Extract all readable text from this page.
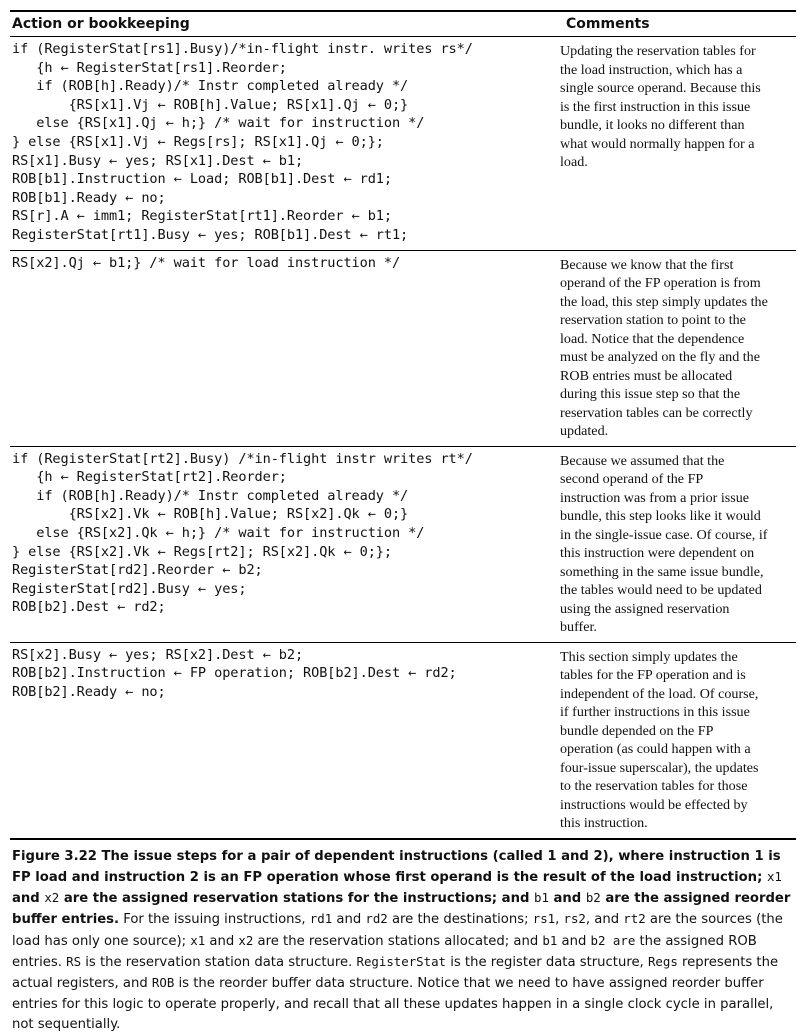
Action or bookkeeping	Comments
if (RegisterStat[rs1].Busy)/*in-flight instr. writes rs*/
{h ← RegisterStat[rs1].Reorder;
if (ROB[h].Ready)/* Instr completed already */
{RS[x1].Vj ← ROB[h].Value; RS[x1].Qj ← 0;}
else {RS[x1].Qj ← h;} /* wait for instruction */
} else {RS[x1].Vj ← Regs[rs]; RS[x1].Qj ← 0;};
RS[x1].Busy ← yes; RS[x1].Dest ← b1;
ROB[b1].Instruction ← Load; ROB[b1].Dest ← rd1;
ROB[b1].Ready ← no;
RS[r].A ← imm1; RegisterStat[rt1].Reorder ← b1;
RegisterStat[rt1].Busy ← yes; ROB[b1].Dest ← rt1;
Updating the reservation tables for
the load instruction, which has a
single source operand. Because this
is the first instruction in this issue
bundle, it looks no different than
what would normally happen for a
load.
RS[x2].Qj ← b1;} /* wait for load instruction */	Because we know that the first
operand of the FP operation is from
the load, this step simply updates the
reservation station to point to the
load. Notice that the dependence
must be analyzed on the fly and the
ROB entries must be allocated
during this issue step so that the
reservation tables can be correctly
updated.
if (RegisterStat[rt2].Busy) /*in-flight instr writes rt*/
{h ← RegisterStat[rt2].Reorder;
if (ROB[h].Ready)/* Instr completed already */
{RS[x2].Vk ← ROB[h].Value; RS[x2].Qk ← 0;}
else {RS[x2].Qk ← h;} /* wait for instruction */
} else {RS[x2].Vk ← Regs[rt2]; RS[x2].Qk ← 0;};
RegisterStat[rd2].Reorder ← b2;
RegisterStat[rd2].Busy ← yes;
ROB[b2].Dest ← rd2;
Because we assumed that the
second operand of the FP
instruction was from a prior issue
bundle, this step looks like it would
in the single-issue case. Of course, if
this instruction were dependent on
something in the same issue bundle,
the tables would need to be updated
using the assigned reservation
buffer.
RS[x2].Busy ← yes; RS[x2].Dest ← b2;
ROB[b2].Instruction ← FP operation; ROB[b2].Dest ← rd2;
ROB[b2].Ready ← no;
This section simply updates the
tables for the FP operation and is
independent of the load. Of course,
if further instructions in this issue
bundle depended on the FP
operation (as could happen with a
four-issue superscalar), the updates
to the reservation tables for those
instructions would be effected by
this instruction.
Figure 3.22 The issue steps for a pair of dependent instructions (called 1 and 2), where instruction 1 is FP load and instruction 2 is an FP operation whose first operand is the result of the load instruction; x1 and x2 are the assigned reservation stations for the instructions; and b1 and b2 are the assigned reorder buffer entries. For the issuing instructions, rd1 and rd2 are the destinations; rs1, rs2, and rt2 are the sources (the load has only one source); x1 and x2 are the reservation stations allocated; and b1 and b2 are the assigned ROB entries. RS is the reservation station data structure. RegisterStat is the register data structure, Regs represents the actual registers, and ROB is the reorder buffer data structure. Notice that we need to have assigned reorder buffer entries for this logic to operate properly, and recall that all these updates happen in a single clock cycle in parallel, not sequentially.
